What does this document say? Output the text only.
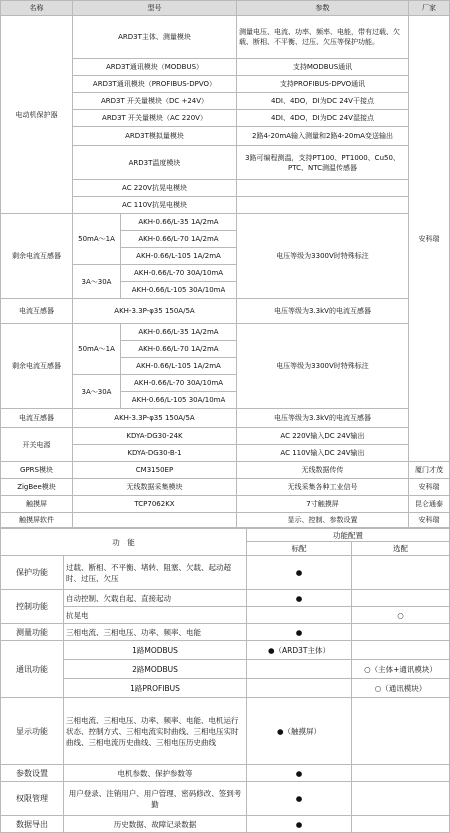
名称	型号		参数	厂家	
电动机保护器	ARD3T主体、测量模块		测量电压、电流、功率、频率、电能，带有过载、欠载、断相、不平衡、过压、欠压等保护功能。	安科瑞	
	ARD3T通讯模块（MODBUS）		支持MODBUS通讯		
	ARD3T通讯模块（PROFIBUS-DPVO）		支持PROFIBUS-DPVO通讯		
	ARD3T 开关量模块（DC +24V）		4DI、4DO，DI为DC 24V干接点		
	ARD3T 开关量模块（AC 220V）		4DI、4DO，DI为DC 24V湿接点		
	ARD3T模拟量模块		2路4-20mA输入测量和2路4-20mA变送输出		
	ARD3T温度模块		3路可编程测温，支持PT100、PT1000、Cu50、PTC、NTC测温传感器		
	AC 220V抗晃电模块				
	AC 110V抗晃电模块				
剩余电流互感器	50mA～1A	AKH-0.66/L-35 1A/2mA	电压等级为3300V时特殊标注		
		AKH-0.66/L-70 1A/2mA			
		AKH-0.66/L-105 1A/2mA			
	3A～30A	AKH-0.66/L-70 30A/10mA			
		AKH-0.66/L-105 30A/10mA			
电流互感器	AKH-3.3P-φ35 150A/5A		电压等级为3.3kV的电流互感器		
剩余电流互感器	50mA～1A	AKH-0.66/L-35 1A/2mA	电压等级为3300V时特殊标注		
		AKH-0.66/L-70 1A/2mA			
		AKH-0.66/L-105 1A/2mA			
	3A～30A	AKH-0.66/L-70 30A/10mA			
		AKH-0.66/L-105 30A/10mA			
电流互感器	AKH-3.3P-φ35 150A/5A		电压等级为3.3kV的电流互感器		
开关电源	KDYA-DG30-24K		AC 220V输入DC 24V输出	
	KDYA-DG30-B-1		AC 110V输入DC 24V输出		
GPRS模块	CM3150EP		无线数据传传	厦门才茂	
ZigBee模块	无线数据采集模块		无线采集各种工业信号	安科瑞	
触摸屏	TCP7062KX		7寸触摸屏	昆仑通泰	
触摸屏软件			显示、控制、参数设置	安科瑞	
功　能		功能配置	
		标配	选配
保护功能	过载、断相、不平衡、堵转、阻塞、欠载、起动超时、过压、欠压	●	
控制功能	自动控制、欠载自起、直接起动	●	
	抗晃电		○
测量功能	三相电流、三相电压、功率、频率、电能	●	
通讯功能	1路MODBUS	●（ARD3T主体）	
	2路MODBUS		○（主体+通讯模块）
	1路PROFIBUS		○（通讯模块）
显示功能	三相电流、三相电压、功率、频率、电能、电机运行状态、控制方式、三相电流实时曲线、三相电压实时曲线、三相电流历史曲线、三相电压历史曲线	●（触摸屏）	
参数设置	电机参数、保护参数等	●	
权限管理	用户登录、注销用户、用户管理、密码修改、签到考勤	●	
数据导出	历史数据、故障记录数据	●	
